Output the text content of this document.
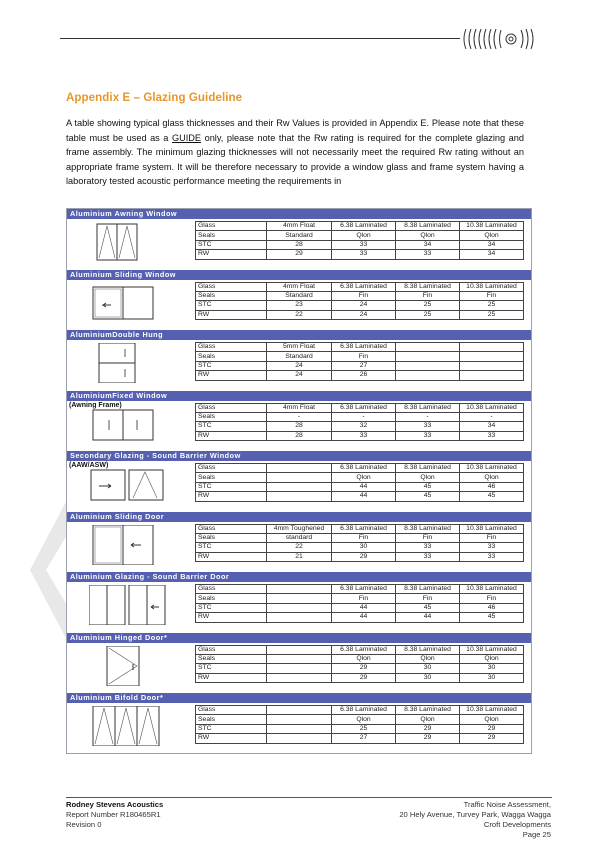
Appendix E – Glazing Guideline
A table showing typical glass thicknesses and their Rw Values is provided in Appendix E. Please note that these table must be used as a GUIDE only, please note that the Rw rating is required for the complete glazing and frame assembly. The minimum glazing thicknesses will not necessarily meet the required Rw rating without an appropriate frame system. It will be therefore necessary to provide a window glass and frame system having a laboratory tested acoustic performance meeting the requirements in
Aluminium Awning Window
Glass	4mm Float	6.38 Laminated	8.38 Laminated	10.38 Laminated
Seals	Standard	Qlon	Qlon	Qlon
STC	28	33	34	34
RW	29	33	33	34
Aluminium Sliding Window
Glass	4mm Float	6.38 Laminated	8.38 Laminated	10.38 Laminated
Seals	Standard	Fin	Fin	Fin
STC	23	24	25	25
RW	22	24	25	25
AluminiumDouble Hung
Glass	5mm Float	6.38 Laminated		
Seals	Standard	Fin		
STC	24	27		
RW	24	26		
AluminiumFixed Window
(Awning Frame)	Glass	4mm Float	6.38 Laminated	8.38 Laminated	10.38 Laminated
Seals	-	-	-	-
STC	28	32	33	34
RW	28	33	33	33
Secondary Glazing - Sound Barrier Window
(AAW/ASW)	Glass		6.38 Laminated	8.38 Laminated	10.38 Laminated
Seals		Qlon	Qlon	Qlon
STC		44	45	46
RW		44	45	45
Aluminium Sliding Door
Glass	4mm Toughened	6.38 Laminated	8.38 Laminated	10.38 Laminated
Seals	standard	Fin	Fin	Fin
STC	22	30	33	33
RW	21	29	33	33
Aluminium Glazing - Sound Barrier Door
Glass		6.38 Laminated	8.38 Laminated	10.38 Laminated
Seals		Fin	Fin	Fin
STC		44	45	46
RW		44	44	45
Aluminium Hinged Door*
Glass		6.38 Laminated	8.38 Laminated	10.38 Laminated
Seals		Qlon	Qlon	Qlon
STC		29	30	30
RW		29	30	30
Aluminium Bifold Door*
Glass		6.38 Laminated	8.38 Laminated	10.38 Laminated
Seals		Qlon	Qlon	Qlon
STC		25	29	29
RW		27	29	29
Rodney Stevens Acoustics
Report Number R180465R1
Revision 0
Traffic Noise Assessment,
20 Hely Avenue, Turvey Park, Wagga Wagga
Croft Developments
Page 25
